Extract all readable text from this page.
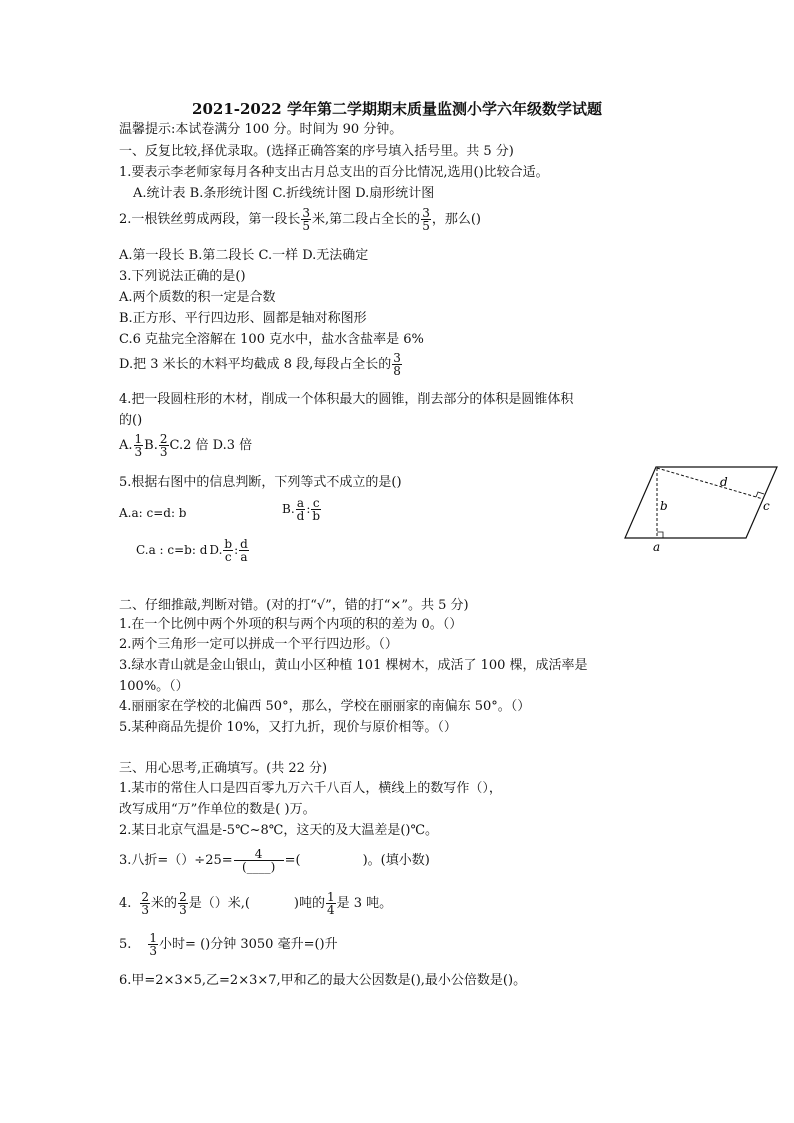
2021-2022 学年第二学期期末质量监测小学六年级数学试题
温馨提示:本试卷满分 100 分。时间为 90 分钟。
一、反复比较,择优录取。(选择正确答案的序号填入括号里。共 5 分)
1.要表示李老师家每月各种支出古月总支出的百分比情况,选用()比较合适。
A.统计表 B.条形统计图 C.折线统计图 D.扇形统计图
2.一根铁丝剪成两段，第一段长 $\frac{3}{5}$ 米,第二段占全长的 $\frac{3}{5}$ ，那么()
A.第一段长 B.第二段长 C.一样 D.无法确定
3.下列说法正确的是()
A.两个质数的积一定是合数
B.正方形、平行四边形、圆都是轴对称图形
C.6 克盐完全溶解在 100 克水中，盐水含盐率是 6%
D.把 3 米长的木料平均截成 8 段,每段占全长的 $\frac{3}{8}$
4.把一段圆柱形的木材，削成一个体积最大的圆锥，削去部分的体积是圆锥体积
的()
A. $\frac{1}{3} B$. $\frac{2}{3} C.2$ 倍 D.3 倍
5.根据右图中的信息判断，下列等式不成立的是()
A.a: c=d: b	B. $\frac{a}{d}$ : $\frac{c}{b}$
C.a : c=b: d D. $\frac{b}{c}$ : $\frac{d}{a}$
b
d
c
a
二、仔细推敲,判断对错。(对的打“√”，错的打“×”。共 5 分)
1.在一个比例中两个外项的积与两个内项的积的差为 0。（）
2.两个三角形一定可以拼成一个平行四边形。（）
3.绿水青山就是金山银山，黄山小区种植 101 棵树木，成活了 100 棵，成活率是
100%。（）
4.丽丽家在学校的北偏西 50°，那么，学校在丽丽家的南偏东 50°。（）
5.某种商品先提价 10%，又打九折，现价与原价相等。（）
三、用心思考,正确填写。(共 22 分)
1.某市的常住人口是四百零九万六千八百人，横线上的数写作（），
改写成用“万”作单位的数是( )万。
2.某日北京气温是-5℃~8℃，这天的及大温差是()℃。
3.八折$=()\div 25= \frac{4}{(\_\_\_\_)}$ =(	)。(填小数)
4. $\frac{2}{3}$ 米的 $\frac{2}{3}$ 是（）米,(	)吨的 $\frac{1}{4}$ 是 3 吨。
5. $\frac{1}{3}$ 小时= ()分钟 3050 毫升=()升
6.甲=2×3×5,乙=2×3×7,甲和乙的最大公因数是(),最小公倍数是()。
